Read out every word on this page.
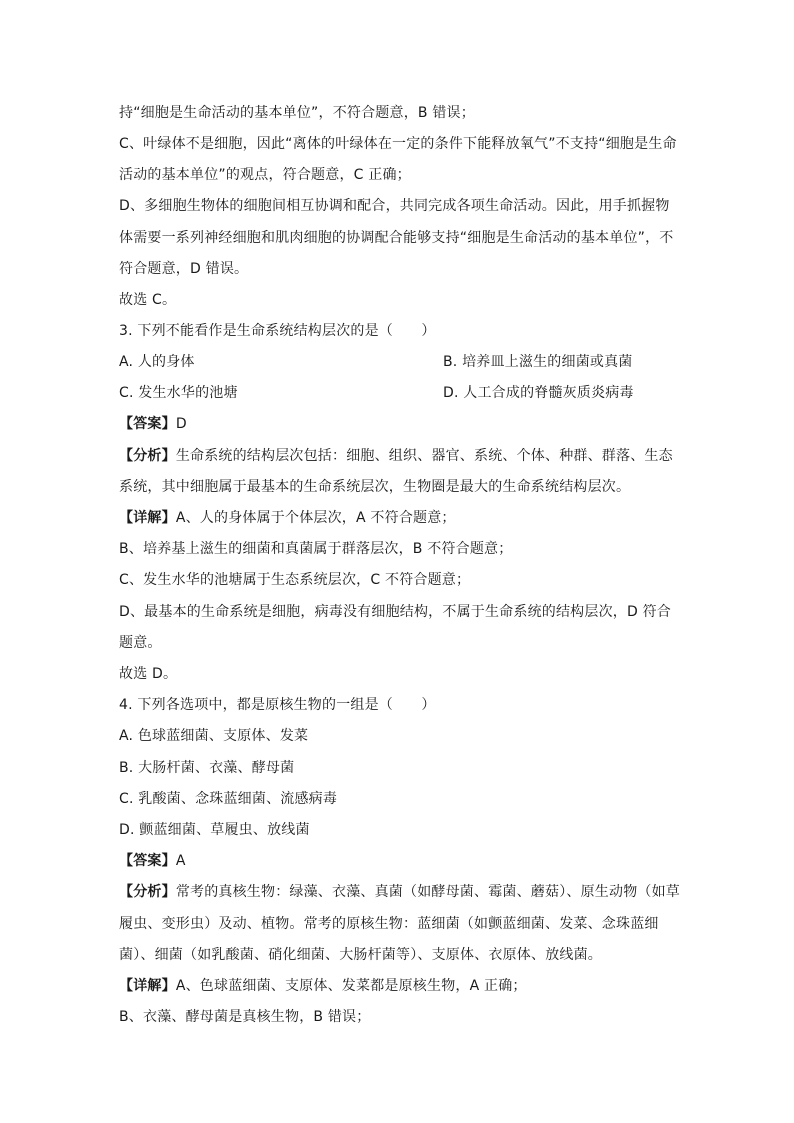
持“细胞是生命活动的基本单位”，不符合题意，B 错误；
C、叶绿体不是细胞，因此“离体的叶绿体在一定的条件下能释放氧气”不支持“细胞是生命
活动的基本单位”的观点，符合题意，C 正确；
D、多细胞生物体的细胞间相互协调和配合，共同完成各项生命活动。因此，用手抓握物
体需要一系列神经细胞和肌肉细胞的协调配合能够支持“细胞是生命活动的基本单位”，不
符合题意，D 错误。
故选 C。
3. 下列不能看作是生命系统结构层次的是（　　）
A. 人的身体	B. 培养皿上滋生的细菌或真菌
C. 发生水华的池塘	D. 人工合成的脊髓灰质炎病毒
【答案】D
【分析】生命系统的结构层次包括：细胞、组织、器官、系统、个体、种群、群落、生态
系统，其中细胞属于最基本的生命系统层次，生物圈是最大的生命系统结构层次。
【详解】A、人的身体属于个体层次，A 不符合题意；
B、培养基上滋生的细菌和真菌属于群落层次，B 不符合题意；
C、发生水华的池塘属于生态系统层次，C 不符合题意；
D、最基本的生命系统是细胞，病毒没有细胞结构，不属于生命系统的结构层次，D 符合
题意。
故选 D。
4. 下列各选项中，都是原核生物的一组是（　　）
A. 色球蓝细菌、支原体、发菜
B. 大肠杆菌、衣藻、酵母菌
C. 乳酸菌、念珠蓝细菌、流感病毒
D. 颤蓝细菌、草履虫、放线菌
【答案】A
【分析】常考的真核生物：绿藻、衣藻、真菌（如酵母菌、霉菌、蘑菇）、原生动物（如草
履虫、变形虫）及动、植物。常考的原核生物：蓝细菌（如颤蓝细菌、发菜、念珠蓝细
菌）、细菌（如乳酸菌、硝化细菌、大肠杆菌等）、支原体、衣原体、放线菌。
【详解】A、色球蓝细菌、支原体、发菜都是原核生物，A 正确；
B、衣藻、酵母菌是真核生物，B 错误；
